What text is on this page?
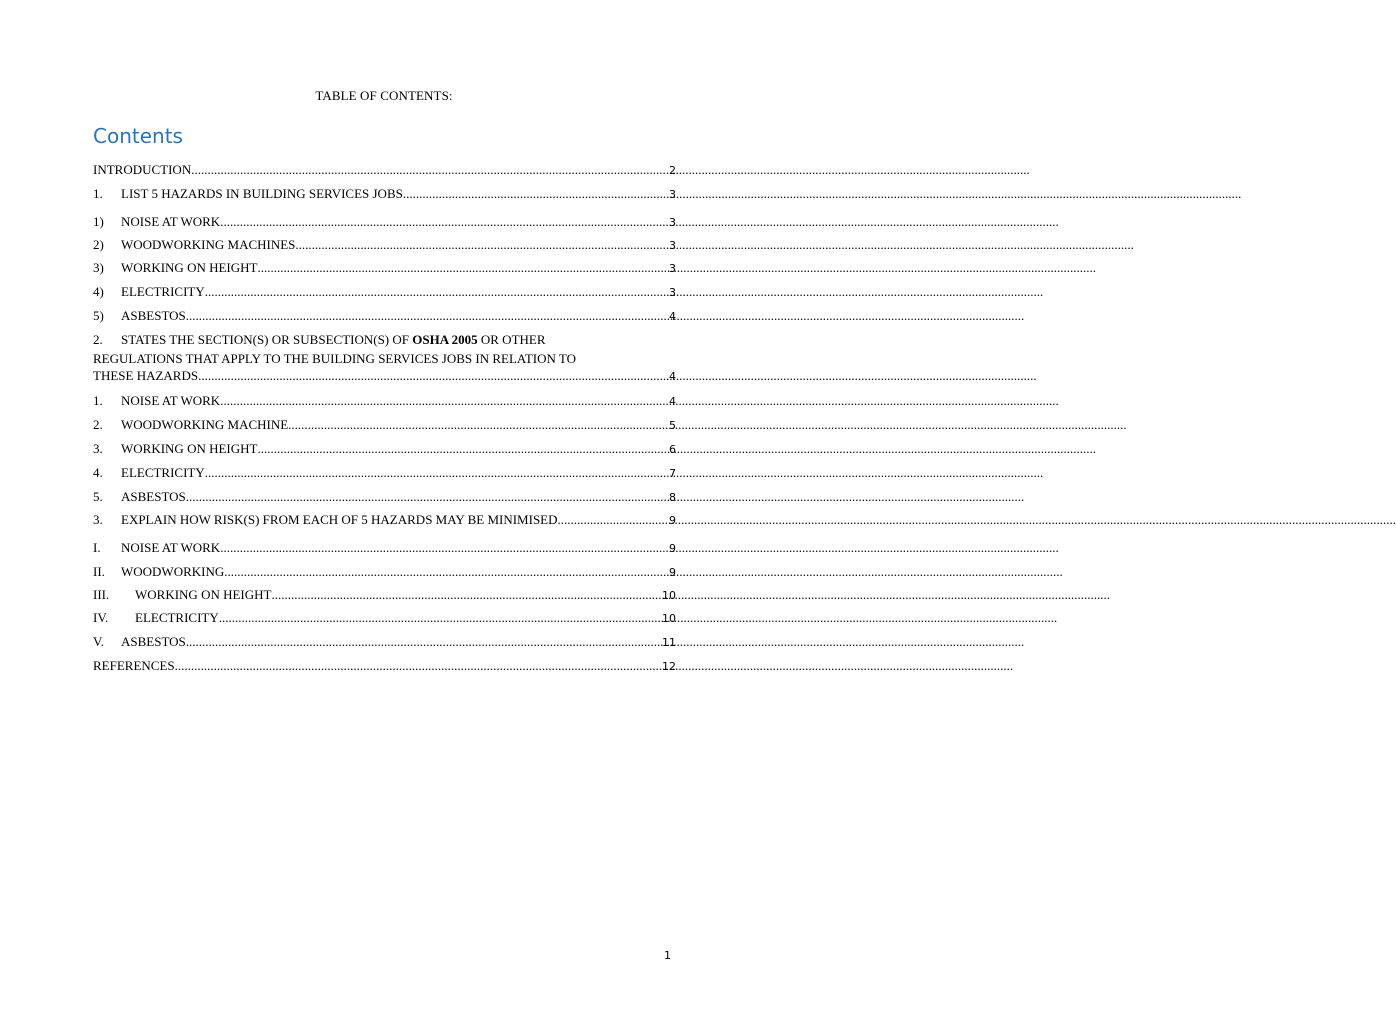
TABLE OF CONTENTS:
Contents
INTRODUCTION .....	2
1.	LIST 5 HAZARDS IN BUILDING SERVICES JOBS .....	3
1)	NOISE AT WORK .....	3
2)	WOODWORKING MACHINES .....	3
3)	WORKING ON HEIGHT .....	3
4)	ELECTRICITY .....	3
5)	ASBESTOS .....	4
2. STATES THE SECTION(S) OR SUBSECTION(S) OF OSHA 2005 OR OTHER
REGULATIONS THAT APPLY TO THE BUILDING SERVICES JOBS IN RELATION TO
THESE HAZARDS .....	4
1.	NOISE AT WORK .....	4
2.	WOODWORKING MACHINE .....	5
3.	WORKING ON HEIGHT .....	6
4.	ELECTRICITY .....	7
5.	ASBESTOS .....	8
3.	EXPLAIN HOW RISK(S) FROM EACH OF 5 HAZARDS MAY BE MINIMISED .....	9
I.	NOISE AT WORK .....	9
II.	WOODWORKING .....	9
III.	WORKING ON HEIGHT .....	10
IV.	ELECTRICITY .....	10
V.	ASBESTOS .....	11
REFERENCES .....	12
1
